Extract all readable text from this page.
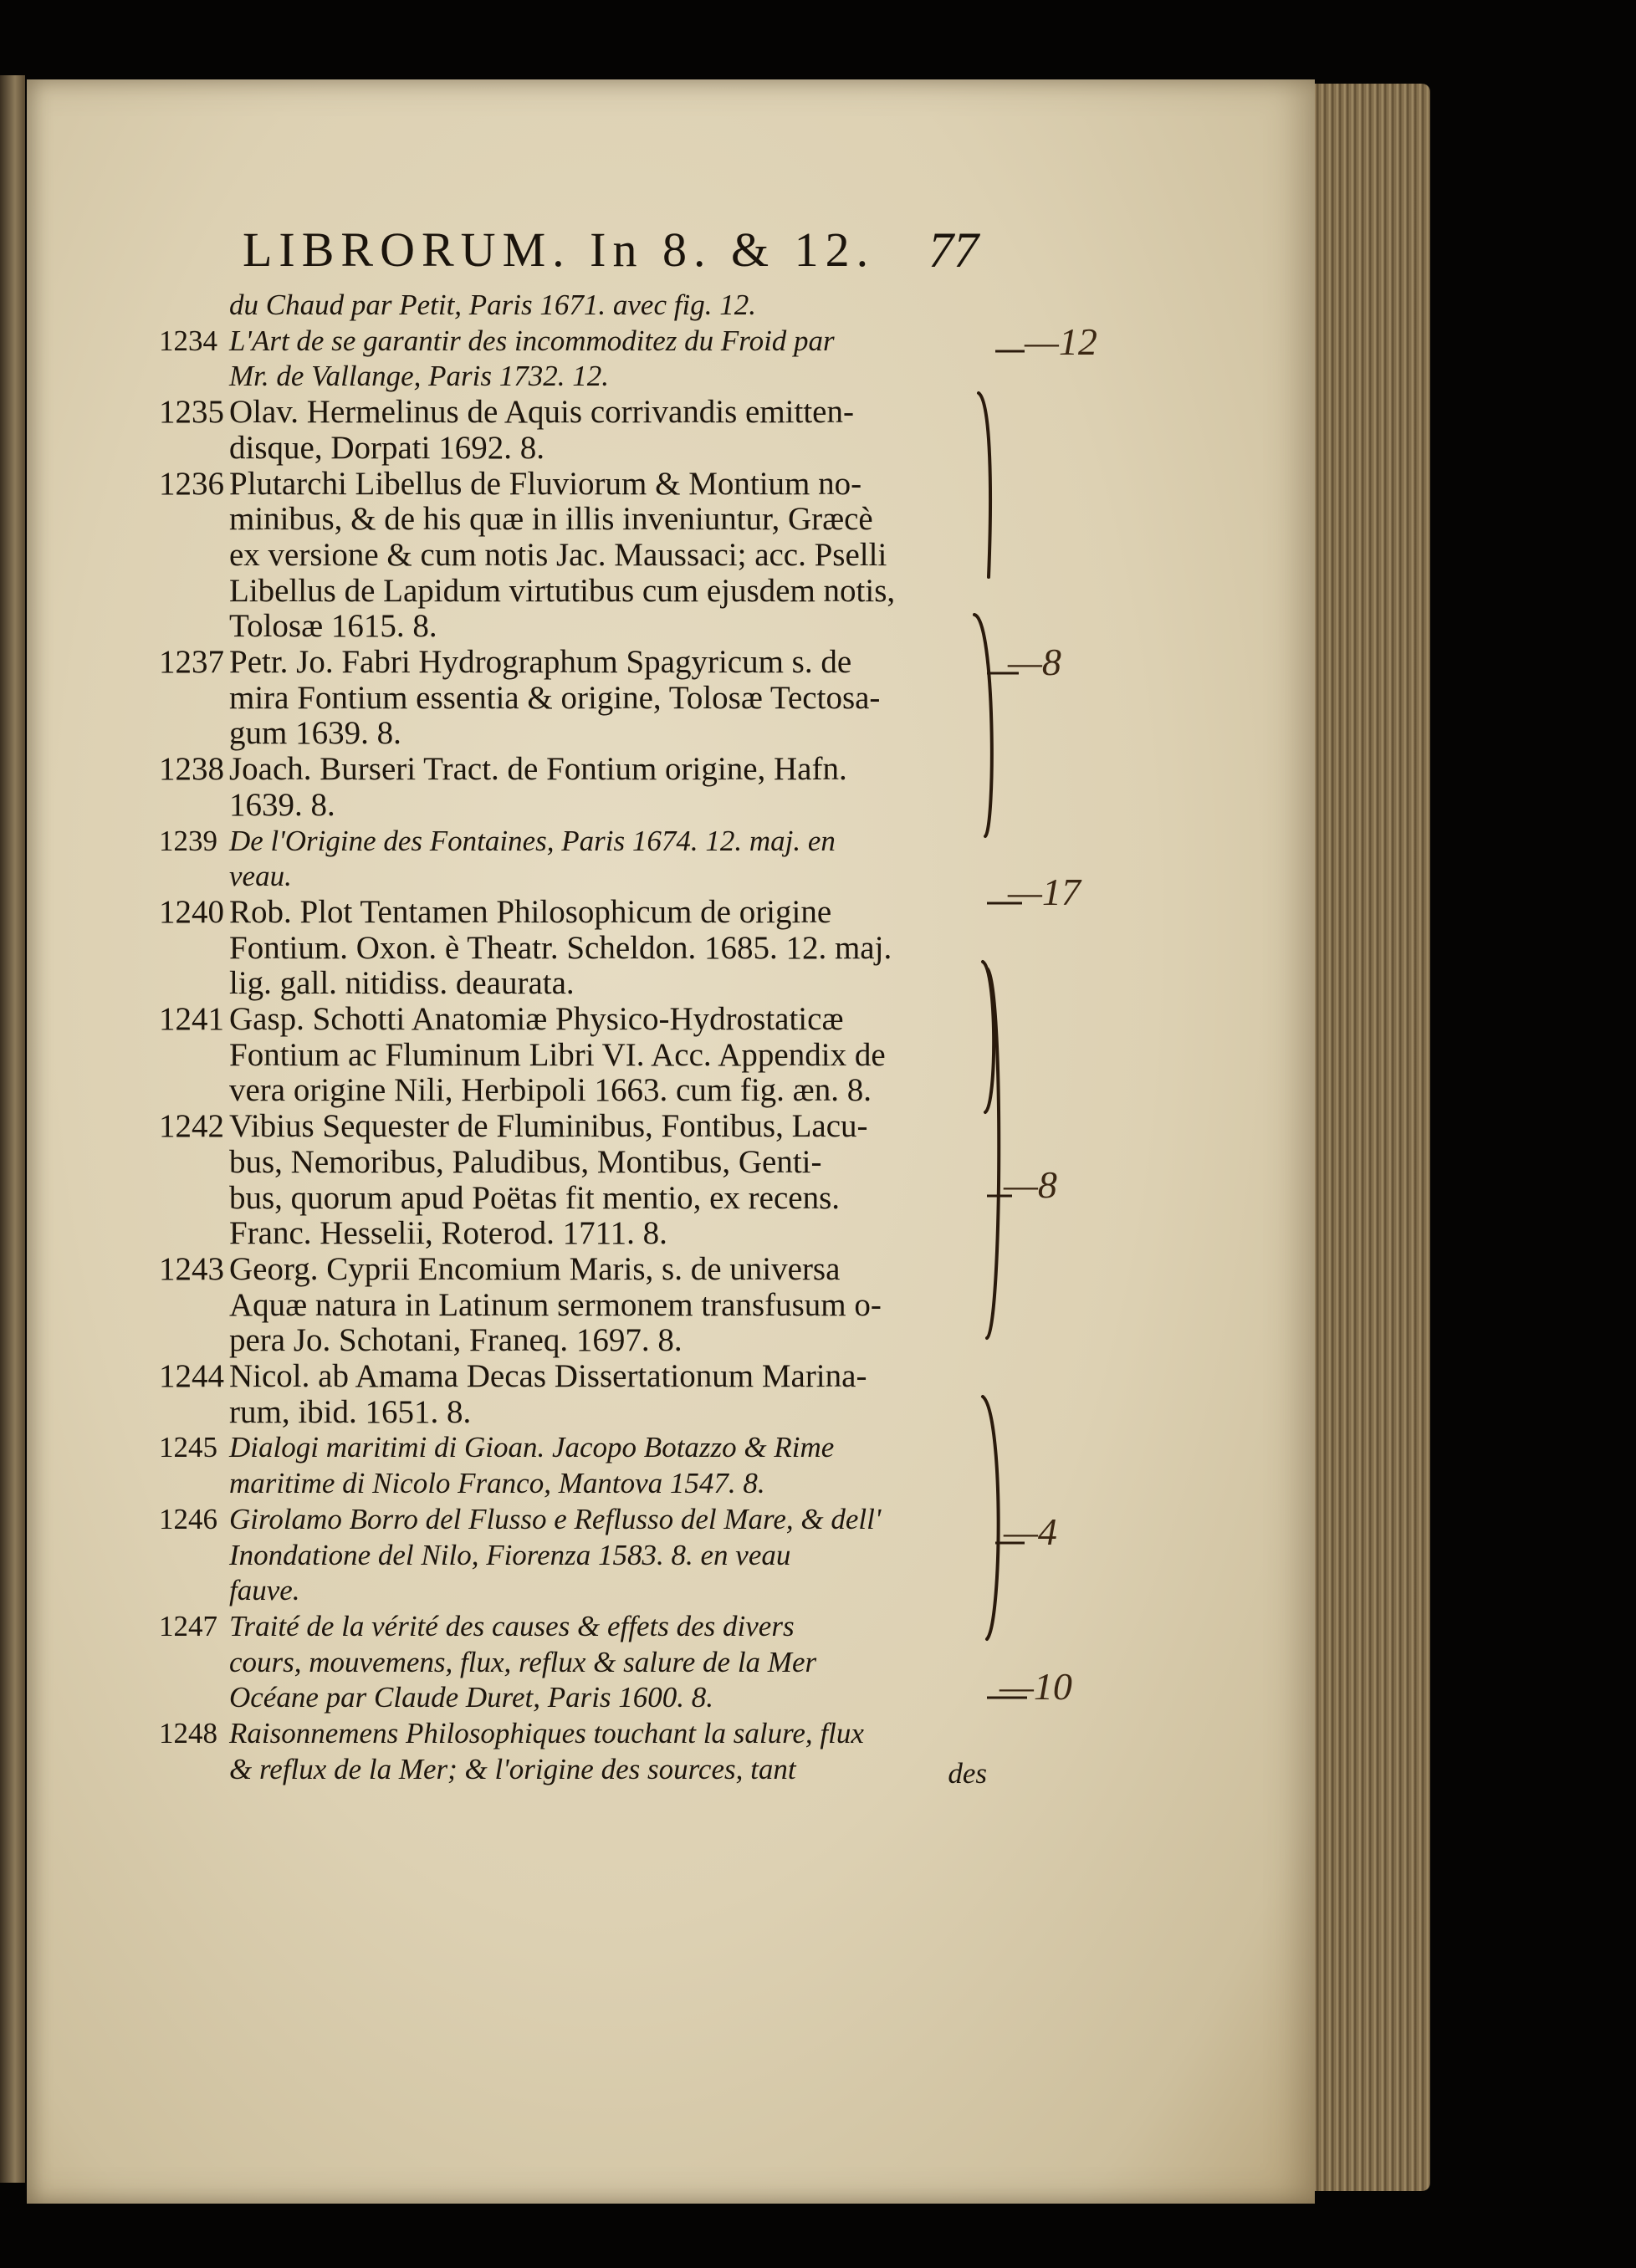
LIBRORUM. In 8. & 12. 77
du Chaud par Petit, Paris 1671. avec fig. 12.
1234 L'Art de se garantir des incommoditez du Froid par
Mr. de Vallange, Paris 1732. 12.
1235 Olav. Hermelinus de Aquis corrivandis emitten-
disque, Dorpati 1692. 8.
1236 Plutarchi Libellus de Fluviorum & Montium no-
minibus, & de his quæ in illis inveniuntur, Græcè
ex versione & cum notis Jac. Maussaci; acc. Pselli
Libellus de Lapidum virtutibus cum ejusdem notis,
Tolosæ 1615. 8.
1237 Petr. Jo. Fabri Hydrographum Spagyricum s. de
mira Fontium essentia & origine, Tolosæ Tectosa-
gum 1639. 8.
1238 Joach. Burseri Tract. de Fontium origine, Hafn.
1639. 8.
1239 De l'Origine des Fontaines, Paris 1674. 12. maj. en
veau.
1240 Rob. Plot Tentamen Philosophicum de origine
Fontium. Oxon. è Theatr. Scheldon. 1685. 12. maj.
lig. gall. nitidiss. deaurata.
1241 Gasp. Schotti Anatomiæ Physico-Hydrostaticæ
Fontium ac Fluminum Libri VI. Acc. Appendix de
vera origine Nili, Herbipoli 1663. cum fig. æn. 8.
1242 Vibius Sequester de Fluminibus, Fontibus, Lacu-
bus, Nemoribus, Paludibus, Montibus, Genti-
bus, quorum apud Poëtas fit mentio, ex recens.
Franc. Hesselii, Roterod. 1711. 8.
1243 Georg. Cyprii Encomium Maris, s. de universa
Aquæ natura in Latinum sermonem transfusum o-
pera Jo. Schotani, Franeq. 1697. 8.
1244 Nicol. ab Amama Decas Dissertationum Marina-
rum, ibid. 1651. 8.
1245 Dialogi maritimi di Gioan. Jacopo Botazzo & Rime
maritime di Nicolo Franco, Mantova 1547. 8.
1246 Girolamo Borro del Flusso e Reflusso del Mare, & dell'
Inondatione del Nilo, Fiorenza 1583. 8. en veau
fauve.
1247 Traité de la vérité des causes & effets des divers
cours, mouvemens, flux, reflux & salure de la Mer
Océane par Claude Duret, Paris 1600. 8.
1248 Raisonnemens Philosophiques touchant la salure, flux
& reflux de la Mer; & l'origine des sources, tant	des
—12
—8
—17
—8
—4
—10
